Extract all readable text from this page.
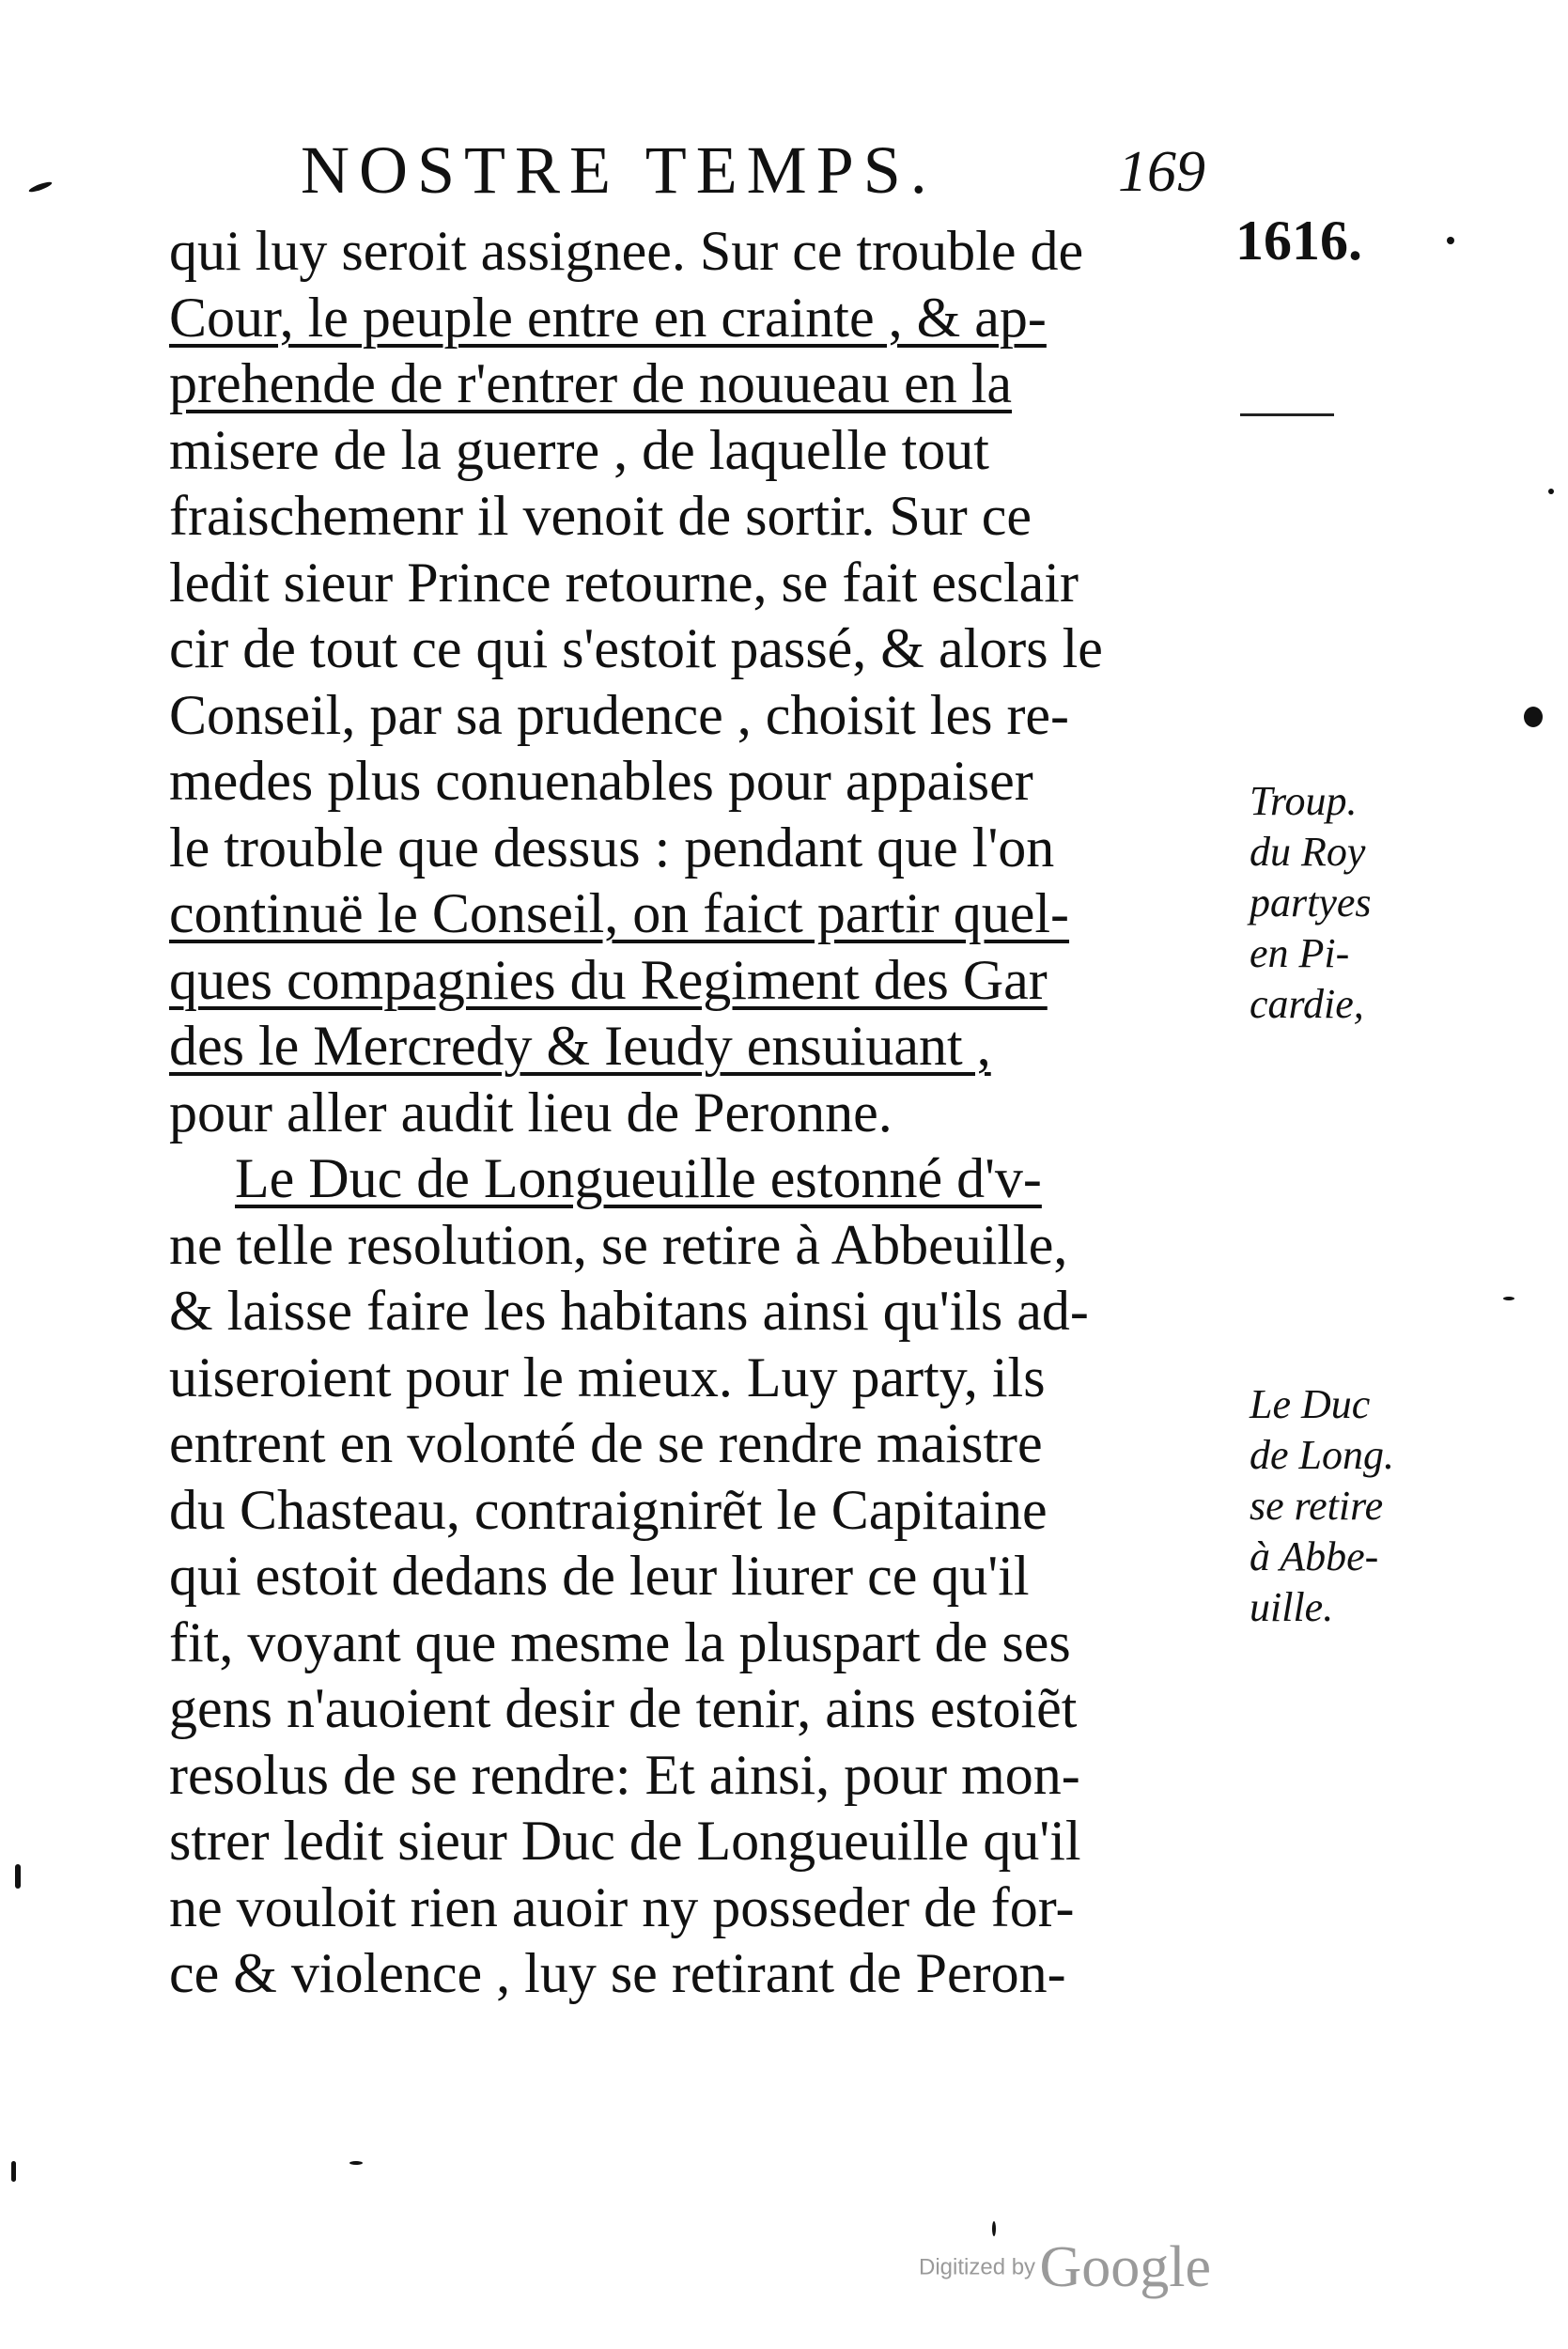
NOSTRE TEMPS.	169
1616.
Troup.
du Roy
partyes
en Pi-
cardie,
Le Duc
de Long.
se retire
à Abbe-
uille.
qui luy seroit assignee. Sur ce trouble de
Cour, le peuple entre en crainte , & ap-
prehende de r'entrer de nouueau en la
misere de la guerre , de laquelle tout
fraischemenr il venoit de sortir. Sur ce
ledit sieur Prince retourne, se fait esclair
cir de tout ce qui s'estoit passé, & alors le
Conseil, par sa prudence , choisit les re-
medes plus conuenables pour appaiser
le trouble que dessus : pendant que l'on
continuë le Conseil, on faict partir quel-
ques compagnies du Regiment des Gar
des le Mercredy & Ieudy ensuiuant ,
pour aller audit lieu de Peronne.
Le Duc de Longueuille estonné d'v-
ne telle resolution, se retire à Abbeuille,
& laisse faire les habitans ainsi qu'ils ad-
uiseroient pour le mieux. Luy party, ils
entrent en volonté de se rendre maistre
du Chasteau, contraignirẽt le Capitaine
qui estoit dedans de leur liurer ce qu'il
fit, voyant que mesme la pluspart de ses
gens n'auoient desir de tenir, ains estoiẽt
resolus de se rendre: Et ainsi, pour mon-
strer ledit sieur Duc de Longueuille qu'il
ne vouloit rien auoir ny posseder de for-
ce & violence , luy se retirant de Peron-
Digitized by Google
